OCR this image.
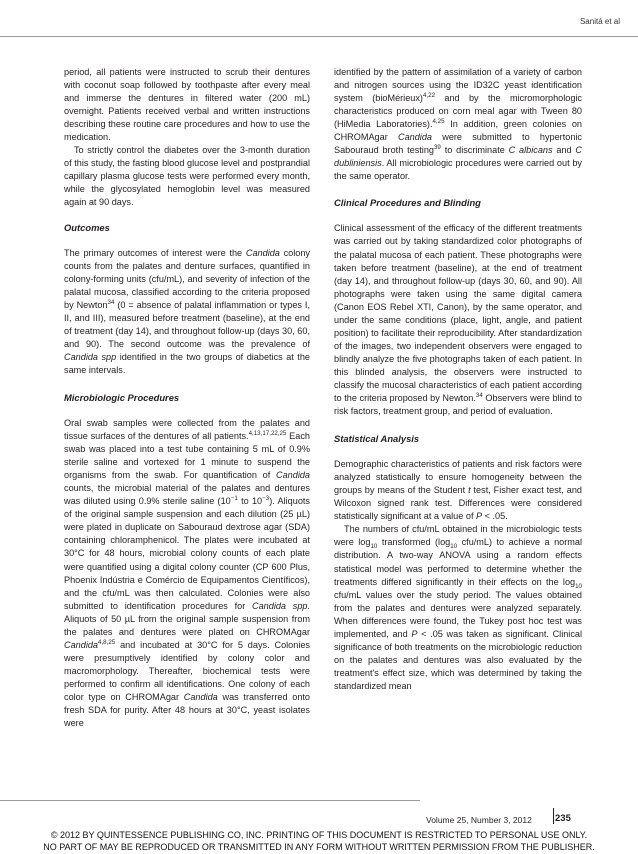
Sanitá et al

period, all patients were instructed to scrub their dentures with coconut soap followed by toothpaste after every meal and immerse the dentures in filtered water (200 mL) overnight. Patients received verbal and written instructions describing these routine care procedures and how to use the medication.

To strictly control the diabetes over the 3-month duration of this study, the fasting blood glucose level and postprandial capillary plasma glucose tests were performed every month, while the glycosylated hemoglobin level was measured again at 90 days.

Outcomes

The primary outcomes of interest were the Candida colony counts from the palates and denture surfaces, quantified in colony-forming units (cfu/mL), and severity of infection of the palatal mucosa, classified according to the criteria proposed by Newton$^{34}$ (0 = absence of palatal inflammation or types I, II, and III), measured before treatment (baseline), at the end of treatment (day 14), and throughout follow-up (days 30, 60, and 90). The second outcome was the prevalence of Candida spp identified in the two groups of diabetics at the same intervals.

Microbiologic Procedures

Oral swab samples were collected from the palates and tissue surfaces of the dentures of all patients.$^{4,13,17,22,25}$ Each swab was placed into a test tube containing 5 mL of 0.9% sterile saline and vortexed for 1 minute to suspend the organisms from the swab. For quantification of Candida counts, the microbial material of the palates and dentures was diluted using 0.9% sterile saline ($10^{-1}$ to $10^{-3}$). Aliquots of the original sample suspension and each dilution (25 µL) were plated in duplicate on Sabouraud dextrose agar (SDA) containing chloramphenicol. The plates were incubated at 30°C for 48 hours, microbial colony counts of each plate were quantified using a digital colony counter (CP 600 Plus, Phoenix Indústria e Comércio de Equipamentos Científicos), and the cfu/mL was then calculated. Colonies were also submitted to identification procedures for Candida spp. Aliquots of 50 µL from the original sample suspension from the palates and dentures were plated on CHROMAgar Candida$^{4,8,25}$ and incubated at 30°C for 5 days. Colonies were presumptively identified by colony color and macromorphology. Thereafter, biochemical tests were performed to confirm all identifications. One colony of each color type on CHROMAgar Candida was transferred onto fresh SDA for purity. After 48 hours at 30°C, yeast isolates were

identified by the pattern of assimilation of a variety of carbon and nitrogen sources using the ID32C yeast identification system (bioMérieux)$^{4,22}$ and by the micromorphologic characteristics produced on corn meal agar with Tween 80 (HiMedia Laboratories).$^{4,25}$ In addition, green colonies on CHROMAgar Candida were submitted to hypertonic Sabouraud broth testing$^{39}$ to discriminate C albicans and C dubliniensis. All microbiologic procedures were carried out by the same operator.

Clinical Procedures and Blinding

Clinical assessment of the efficacy of the different treatments was carried out by taking standardized color photographs of the palatal mucosa of each patient. These photographs were taken before treatment (baseline), at the end of treatment (day 14), and throughout follow-up (days 30, 60, and 90). All photographs were taken using the same digital camera (Canon EOS Rebel XTI, Canon), by the same operator, and under the same conditions (place, light, angle, and patient position) to facilitate their reproducibility. After standardization of the images, two independent observers were engaged to blindly analyze the five photographs taken of each patient. In this blinded analysis, the observers were instructed to classify the mucosal characteristics of each patient according to the criteria proposed by Newton.$^{34}$ Observers were blind to risk factors, treatment group, and period of evaluation.

Statistical Analysis

Demographic characteristics of patients and risk factors were analyzed statistically to ensure homogeneity between the groups by means of the Student t test, Fisher exact test, and Wilcoxon signed rank test. Differences were considered statistically significant at a value of P < .05.

The numbers of cfu/mL obtained in the microbiologic tests were $\log_{10}$ transformed ($\log_{10}$ cfu/mL) to achieve a normal distribution. A two-way ANOVA using a random effects statistical model was performed to determine whether the treatments differed significantly in their effects on the $\log_{10} cfu/mL$ values over the study period. The values obtained from the palates and dentures were analyzed separately. When differences were found, the Tukey post hoc test was implemented, and P < .05 was taken as significant. Clinical significance of both treatments on the microbiologic reduction on the palates and dentures was also evaluated by the treatment's effect size, which was determined by taking the standardized mean

Volume 25, Number 3, 2012 235
© 2012 BY QUINTESSENCE PUBLISHING CO, INC. PRINTING OF THIS DOCUMENT IS RESTRICTED TO PERSONAL USE ONLY.
NO PART OF MAY BE REPRODUCED OR TRANSMITTED IN ANY FORM WITHOUT WRITTEN PERMISSION FROM THE PUBLISHER.
